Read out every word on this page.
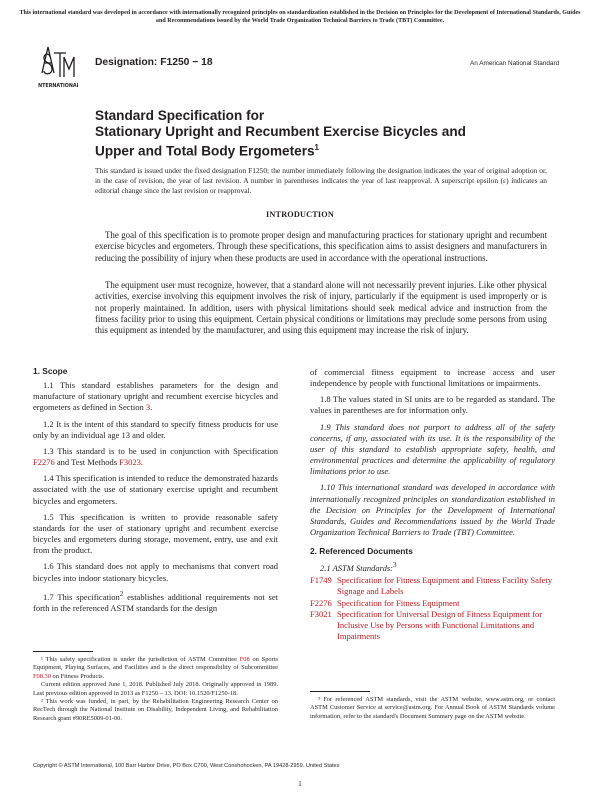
This international standard was developed in accordance with internationally recognized principles on standardization established in the Decision on Principles for the Development of International Standards, Guides and Recommendations issued by the World Trade Organization Technical Barriers to Trade (TBT) Committee.
INTERNATIONAL
Designation: F1250 − 18	An American National Standard
Standard Specification for
Stationary Upright and Recumbent Exercise Bicycles and
Upper and Total Body Ergometers$^1$
This standard is issued under the fixed designation F1250; the number immediately following the designation indicates the year of original adoption or, in the case of revision, the year of last revision. A number in parentheses indicates the year of last reapproval. A superscript epsilon (ε) indicates an editorial change since the last revision or reapproval.
INTRODUCTION

The goal of this specification is to promote proper design and manufacturing practices for stationary upright and recumbent exercise bicycles and ergometers. Through these specifications, this specification aims to assist designers and manufacturers in reducing the possibility of injury when these products are used in accordance with the operational instructions.

The equipment user must recognize, however, that a standard alone will not necessarily prevent injuries. Like other physical activities, exercise involving this equipment involves the risk of injury, particularly if the equipment is used improperly or is not properly maintained. In addition, users with physical limitations should seek medical advice and instruction from the fitness facility prior to using this equipment. Certain physical conditions or limitations may preclude some persons from using this equipment as intended by the manufacturer, and using this equipment may increase the risk of injury.

1. Scope

1.1 This standard establishes parameters for the design and manufacture of stationary upright and recumbent exercise bicycles and ergometers as defined in Section 3.

1.2 It is the intent of this standard to specify fitness products for use only by an individual age 13 and older.

1.3 This standard is to be used in conjunction with Specification F2276 and Test Methods F3023.

1.4 This specification is intended to reduce the demonstrated hazards associated with the use of stationary exercise upright and recumbent bicycles and ergometers.

1.5 This specification is written to provide reasonable safety standards for the user of stationary upright and recumbent exercise bicycles and ergometers during storage, movement, entry, use and exit from the product.

1.6 This standard does not apply to mechanisms that convert road bicycles into indoor stationary bicycles.

1.7 This specification$^2$ establishes additional requirements not set forth in the referenced ASTM standards for the design

¹ This safety specification is under the jurisdiction of ASTM Committee F08 on Sports Equipment, Playing Surfaces, and Facilities and is the direct responsibility of Subcommittee F08.30 on Fitness Products.

Current edition approved June 1, 2018. Published July 2018. Originally approved in 1989. Last previous edition approved in 2013 as F1250 – 13. DOI: 10.1520/F1250-18.

² This work was funded, in part, by the Rehabilitation Engineering Research Center on RecTech through the National Institute on Disability, Independent Living, and Rehabilitation Research grant #90RE5009-01-00.

of commercial fitness equipment to increase access and user independence by people with functional limitations or impairments.

1.8 The values stated in SI units are to be regarded as standard. The values in parentheses are for information only.

1.9 This standard does not purport to address all of the safety concerns, if any, associated with its use. It is the responsibility of the user of this standard to establish appropriate safety, health, and environmental practices and determine the applicability of regulatory limitations prior to use.

1.10 This international standard was developed in accordance with internationally recognized principles on standardization established in the Decision on Principles for the Development of International Standards, Guides and Recommendations issued by the World Trade Organization Technical Barriers to Trade (TBT) Committee.

2. Referenced Documents

2.1 ASTM Standards:$^3$

F1749 Specification for Fitness Equipment and Fitness Facility Safety Signage and Labels
F2276 Specification for Fitness Equipment
F3021 Specification for Universal Design of Fitness Equipment for Inclusive Use by Persons with Functional Limitations and Impairments

³ For referenced ASTM standards, visit the ASTM website, www.astm.org, or contact ASTM Customer Service at service@astm.org. For Annual Book of ASTM Standards volume information, refer to the standard's Document Summary page on the ASTM website.

Copyright © ASTM International, 100 Barr Harbor Drive, PO Box C700, West Conshohocken, PA 19428-2959. United States
1
